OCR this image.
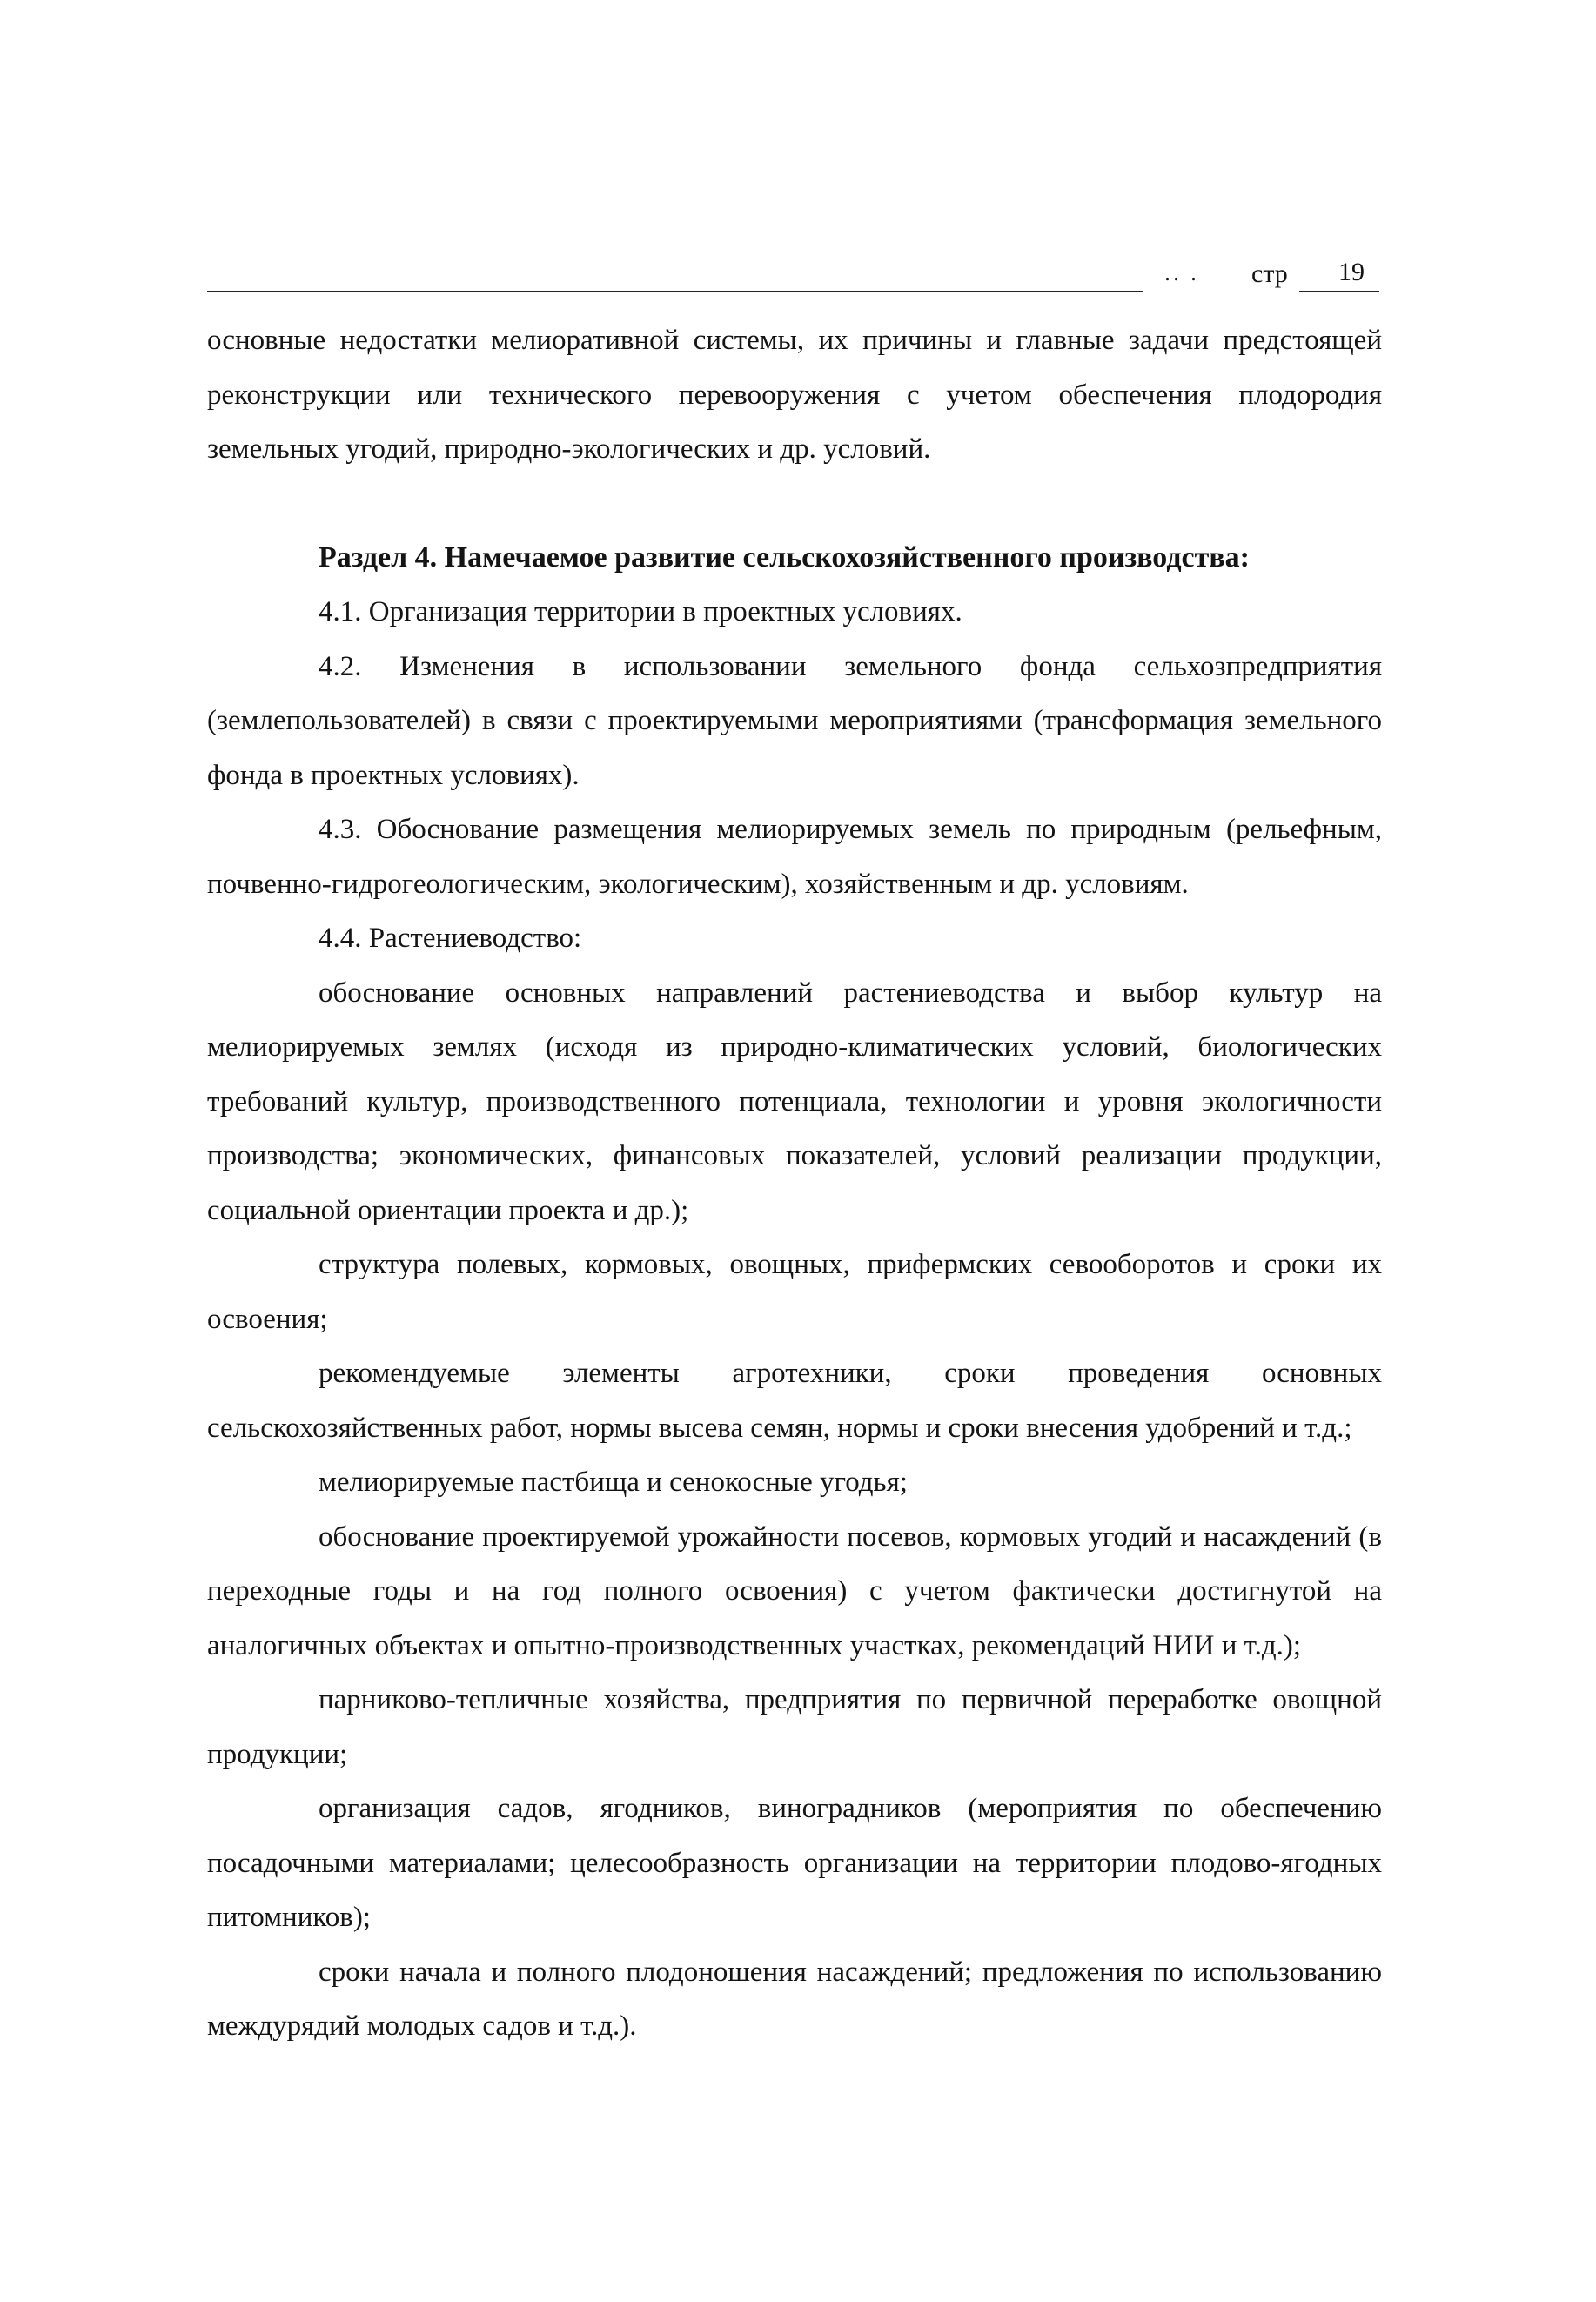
.. . стр 19

основные недостатки мелиоративной системы, их причины и главные задачи предстоящей реконструкции или технического перевооружения с учетом обеспечения плодородия земельных угодий, природно-экологических и др. условий.

Раздел 4. Намечаемое развитие сельскохозяйственного производства:

4.1. Организация территории в проектных условиях.

4.2. Изменения в использовании земельного фонда сельхозпредприятия (землепользователей) в связи с проектируемыми мероприятиями (трансформация земельного фонда в проектных условиях).

4.3. Обоснование размещения мелиорируемых земель по природным (рельефным, почвенно-гидрогеологическим, экологическим), хозяйственным и др. условиям.

4.4. Растениеводство:

обоснование основных направлений растениеводства и выбор культур на мелиорируемых землях (исходя из природно-климатических условий, биологических требований культур, производственного потенциала, технологии и уровня экологичности производства; экономических, финансовых показателей, условий реализации продукции, социальной ориентации проекта и др.);

структура полевых, кормовых, овощных, прифермских севооборотов и сроки их освоения;

рекомендуемые элементы агротехники, сроки проведения основных сельскохозяйственных работ, нормы высева семян, нормы и сроки внесения удобрений и т.д.;

мелиорируемые пастбища и сенокосные угодья;

обоснование проектируемой урожайности посевов, кормовых угодий и насаждений (в переходные годы и на год полного освоения) с учетом фактически достигнутой на аналогичных объектах и опытно-производственных участках, рекомендаций НИИ и т.д.);

парниково-тепличные хозяйства, предприятия по первичной переработке овощной продукции;

организация садов, ягодников, виноградников (мероприятия по обеспечению посадочными материалами; целесообразность организации на территории плодово-ягодных питомников);

сроки начала и полного плодоношения насаждений; предложения по использованию междурядий молодых садов и т.д.).
